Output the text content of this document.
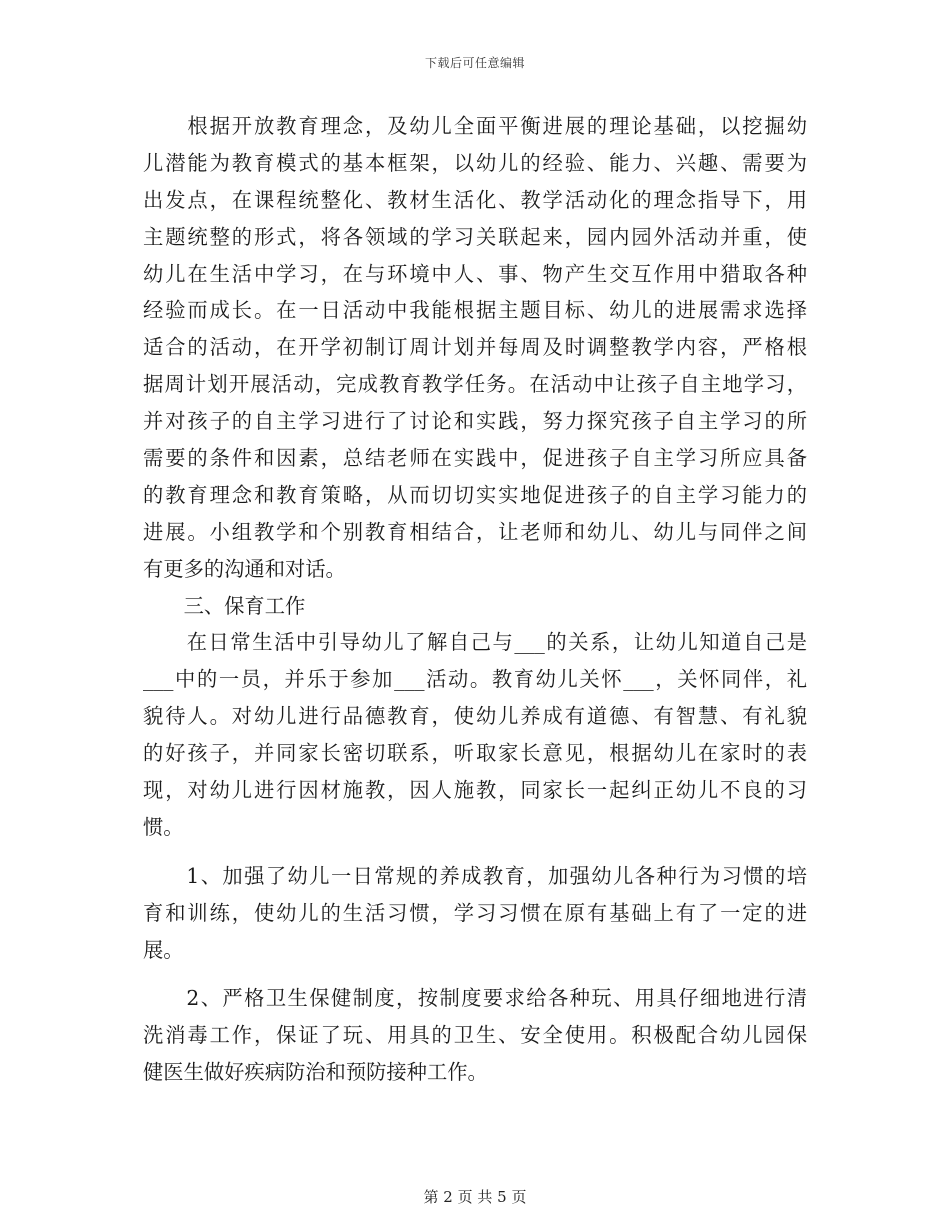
下载后可任意编辑
　　根据开放教育理念，及幼儿全面平衡进展的理论基础，以挖掘幼
儿潜能为教育模式的基本框架，以幼儿的经验、能力、兴趣、需要为
出发点，在课程统整化、教材生活化、教学活动化的理念指导下，用
主题统整的形式，将各领域的学习关联起来，园内园外活动并重，使
幼儿在生活中学习，在与环境中人、事、物产生交互作用中猎取各种
经验而成长。在一日活动中我能根据主题目标、幼儿的进展需求选择
适合的活动，在开学初制订周计划并每周及时调整教学内容，严格根
据周计划开展活动，完成教育教学任务。在活动中让孩子自主地学习，
并对孩子的自主学习进行了讨论和实践，努力探究孩子自主学习的所
需要的条件和因素，总结老师在实践中，促进孩子自主学习所应具备
的教育理念和教育策略，从而切切实实地促进孩子的自主学习能力的
进展。小组教学和个别教育相结合，让老师和幼儿、幼儿与同伴之间
有更多的沟通和对话。
　　三、保育工作
　　在日常生活中引导幼儿了解自己与___的关系，让幼儿知道自己是
___中的一员，并乐于参加___活动。教育幼儿关怀___，关怀同伴，礼
貌待人。对幼儿进行品德教育，使幼儿养成有道德、有智慧、有礼貌
的好孩子，并同家长密切联系，听取家长意见，根据幼儿在家时的表
现，对幼儿进行因材施教，因人施教，同家长一起纠正幼儿不良的习
惯。
　　1、加强了幼儿一日常规的养成教育，加强幼儿各种行为习惯的培
育和训练，使幼儿的生活习惯，学习习惯在原有基础上有了一定的进
展。
　　2、严格卫生保健制度，按制度要求给各种玩、用具仔细地进行清
洗消毒工作，保证了玩、用具的卫生、安全使用。积极配合幼儿园保
健医生做好疾病防治和预防接种工作。
第 2 页 共 5 页
